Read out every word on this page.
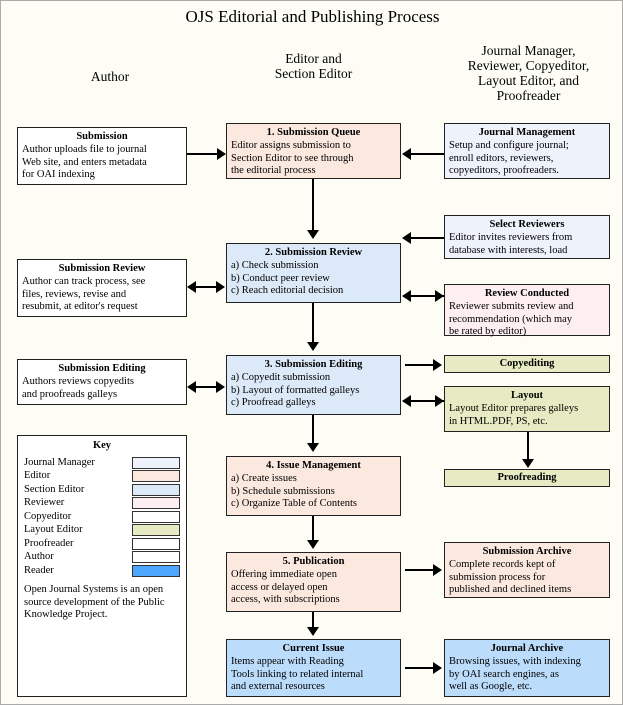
OJS Editorial and Publishing Process
Author
Editor and
Section Editor
Journal Manager,
Reviewer, Copyeditor,
Layout Editor, and
Proofreader
Submission
Author uploads file to journal
Web site, and enters metadata
for OAI indexing
1. Submission Queue
Editor assigns submission to
Section Editor to see through
the editorial process
Journal Management
Setup and configure journal;
enroll editors, reviewers,
copyeditors, proofreaders.
Select Reviewers
Editor invites reviewers from
database with interests, load
Submission Review
Author can track process, see
files, reviews, revise and
resubmit, at editor's request
2. Submission Review
a) Check submission
b) Conduct peer review
c) Reach editorial decision	Review Conducted
Reviewer submits review and
recommendation (which may
be rated by editor)
Submission Editing
Authors reviews copyedits
and proofreads galleys
3. Submission Editing
a) Copyedit submission
b) Layout of formatted galleys
c) Proofread galleys
Copyediting
Layout
Layout Editor prepares galleys
in HTML.PDF, PS, etc.
Proofreading
4. Issue Management
a) Create issues
b) Schedule submissions
c) Organize Table of Contents
5. Publication
Offering immediate open
access or delayed open
access, with subscriptions
Submission Archive
Complete records kept of
submission process for
published and declined items
Current Issue
Items appear with Reading
Tools linking to related internal
and external resources
Journal Archive
Browsing issues, with indexing
by OAI search engines, as
well as Google, etc.
Key
Journal Manager
Editor
Section Editor
Reviewer
Copyeditor
Layout Editor
Proofreader
Author
Reader
Open Journal Systems is an open source development of the Public Knowledge Project.
